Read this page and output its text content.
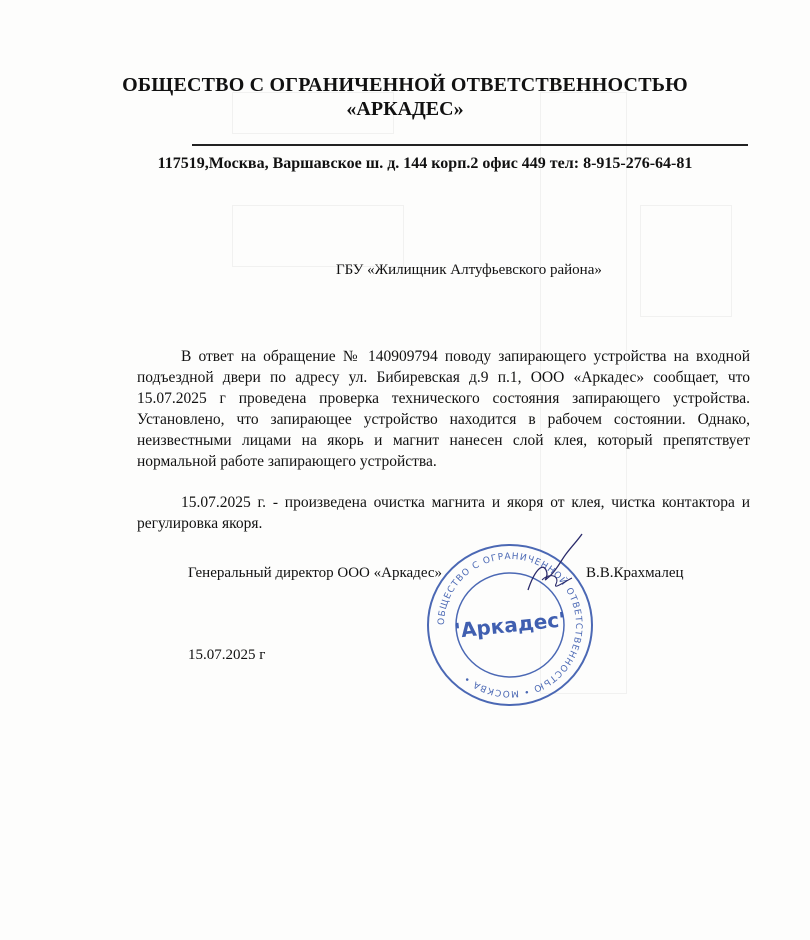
ОБЩЕСТВО С ОГРАНИЧЕННОЙ ОТВЕТСТВЕННОСТЬЮ
«АРКАДЕС»
117519,Москва, Варшавское ш. д. 144 корп.2 офис 449 тел: 8-915-276-64-81
ГБУ «Жилищник Алтуфьевского района»

В ответ на обращение № 140909794 поводу запирающего устройства на входной подъездной двери по адресу ул. Бибиревская д.9 п.1, ООО «Аркадес» сообщает, что 15.07.2025 г проведена проверка технического состояния запирающего устройства. Установлено, что запирающее устройство находится в рабочем состоянии. Однако, неизвестными лицами на якорь и магнит нанесен слой клея, который препятствует нормальной работе запирающего устройства.

15.07.2025 г. - произведена очистка магнита и якоря от клея, чистка контактора и регулировка якоря.

Генеральный директор ООО «Аркадес»	В.В.Крахмалец
15.07.2025 г
ОБЩЕСТВО С ОГРАНИЧЕННОЙ ОТВЕТСТВЕННОСТЬЮ • МОСКВА •
'Аркадес'
